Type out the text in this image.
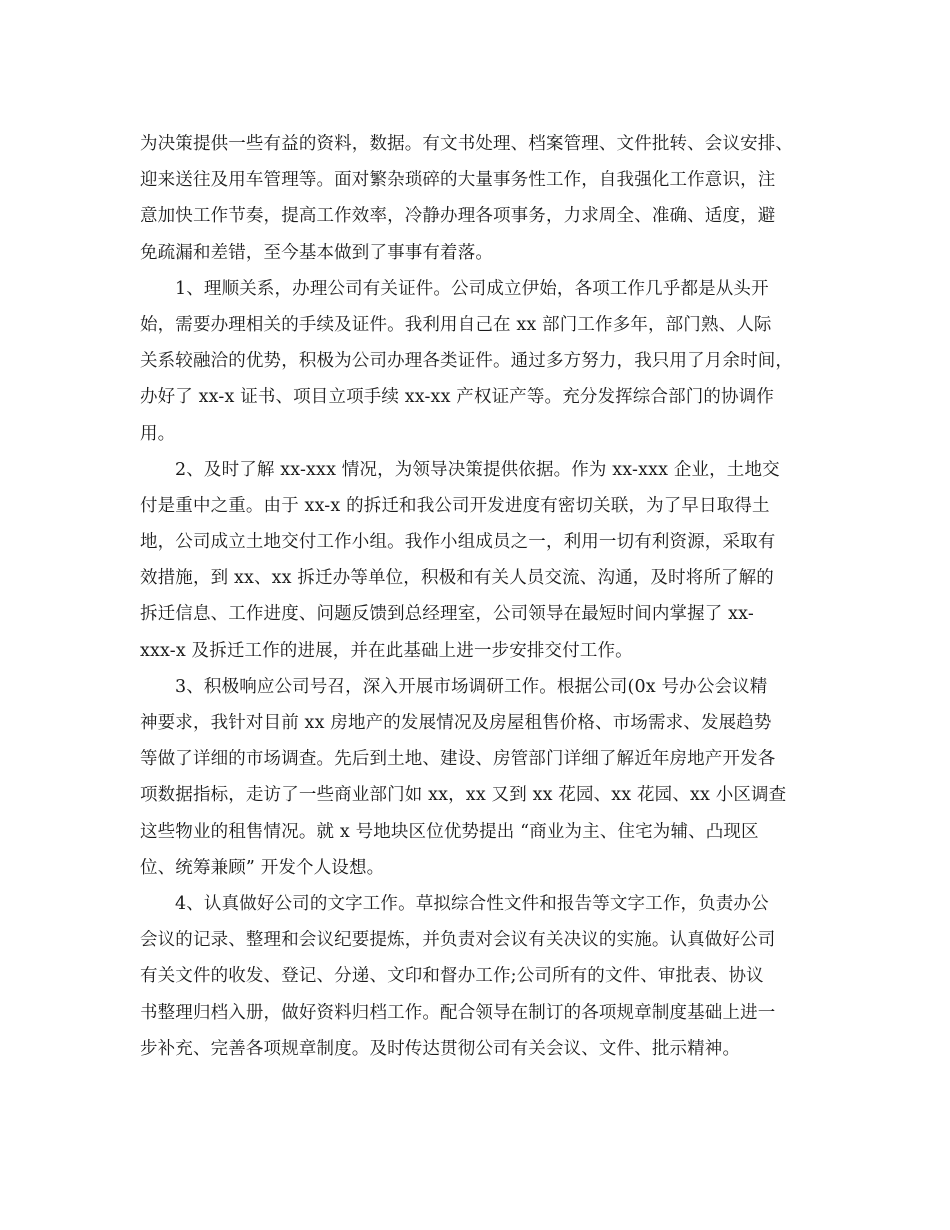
为决策提供一些有益的资料，数据。有文书处理、档案管理、文件批转、会议安排、
迎来送往及用车管理等。面对繁杂琐碎的大量事务性工作，自我强化工作意识，注
意加快工作节奏，提高工作效率，冷静办理各项事务，力求周全、准确、适度，避
免疏漏和差错，至今基本做到了事事有着落。
1、理顺关系，办理公司有关证件。公司成立伊始，各项工作几乎都是从头开
始，需要办理相关的手续及证件。我利用自己在 xx 部门工作多年，部门熟、人际
关系较融洽的优势，积极为公司办理各类证件。通过多方努力，我只用了月余时间，
办好了 xx-x 证书、项目立项手续 xx-xx 产权证产等。充分发挥综合部门的协调作
用。
2、及时了解 xx-xxx 情况，为领导决策提供依据。作为 xx-xxx 企业，土地交
付是重中之重。由于 xx-x 的拆迁和我公司开发进度有密切关联，为了早日取得土
地，公司成立土地交付工作小组。我作小组成员之一，利用一切有利资源，采取有
效措施，到 xx、xx 拆迁办等单位，积极和有关人员交流、沟通，及时将所了解的
拆迁信息、工作进度、问题反馈到总经理室，公司领导在最短时间内掌握了 xx-
xxx-x 及拆迁工作的进展，并在此基础上进一步安排交付工作。
3、积极响应公司号召，深入开展市场调研工作。根据公司(0x 号办公会议精
神要求，我针对目前 xx 房地产的发展情况及房屋租售价格、市场需求、发展趋势
等做了详细的市场调查。先后到土地、建设、房管部门详细了解近年房地产开发各
项数据指标，走访了一些商业部门如 xx，xx 又到 xx 花园、xx 花园、xx 小区调查
这些物业的租售情况。就 x 号地块区位优势提出 “商业为主、住宅为辅、凸现区
位、统筹兼顾” 开发个人设想。
4、认真做好公司的文字工作。草拟综合性文件和报告等文字工作，负责办公
会议的记录、整理和会议纪要提炼，并负责对会议有关决议的实施。认真做好公司
有关文件的收发、登记、分递、文印和督办工作;公司所有的文件、审批表、协议
书整理归档入册，做好资料归档工作。配合领导在制订的各项规章制度基础上进一
步补充、完善各项规章制度。及时传达贯彻公司有关会议、文件、批示精神。
